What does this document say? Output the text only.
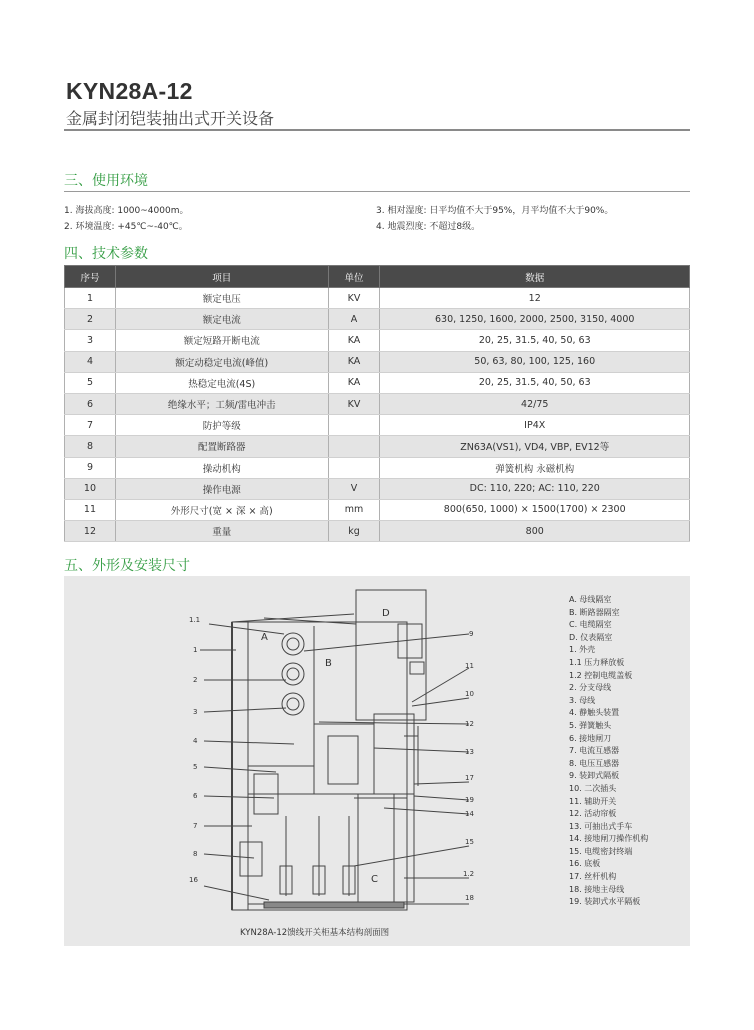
KYN28A-12
金属封闭铠装抽出式开关设备
三、使用环境
1. 海拔高度: 1000~4000m。
2. 环境温度: +45℃~-40℃。
3. 相对湿度: 日平均值不大于95%，月平均值不大于90%。
4. 地震烈度: 不超过8级。
四、技术参数
序号	项目	单位	数据
1	额定电压	KV	12
2	额定电流	A	630, 1250, 1600, 2000, 2500, 3150, 4000
3	额定短路开断电流	KA	20, 25, 31.5, 40, 50, 63
4	额定动稳定电流(峰值)	KA	50, 63, 80, 100, 125, 160
5	热稳定电流(4S)	KA	20, 25, 31.5, 40, 50, 63
6	绝缘水平；工频/雷电冲击	KV	42/75
7	防护等级		IP4X
8	配置断路器		ZN63A(VS1), VD4, VBP, EV12等
9	操动机构		弹簧机构 永磁机构
10	操作电源	V	DC: 110, 220; AC: 110, 220
11	外形尺寸(宽 × 深 × 高)	mm	800(650, 1000) × 1500(1700) × 2300
12	重量	kg	800
五、外形及安装尺寸
1.1
1
2
3
4
5
6
7
8
16
9
11
10
12
13
17
19
14
15
1.2
18
A
B
C
D
A. 母线隔室
B. 断路器隔室
C. 电缆隔室
D. 仪表隔室
1. 外壳
1.1 压力释放板
1.2 控制电缆盖板
2. 分支母线
3. 母线
4. 静触头装置
5. 弹簧触头
6. 接地闸刀
7. 电流互感器
8. 电压互感器
9. 装卸式隔板
10. 二次插头
11. 辅助开关
12. 活动帘板
13. 可抽出式手车
14. 接地闸刀操作机构
15. 电缆密封终端
16. 底板
17. 丝杆机构
18. 接地主母线
19. 装卸式水平隔板
KYN28A-12馈线开关柜基本结构剖面图
